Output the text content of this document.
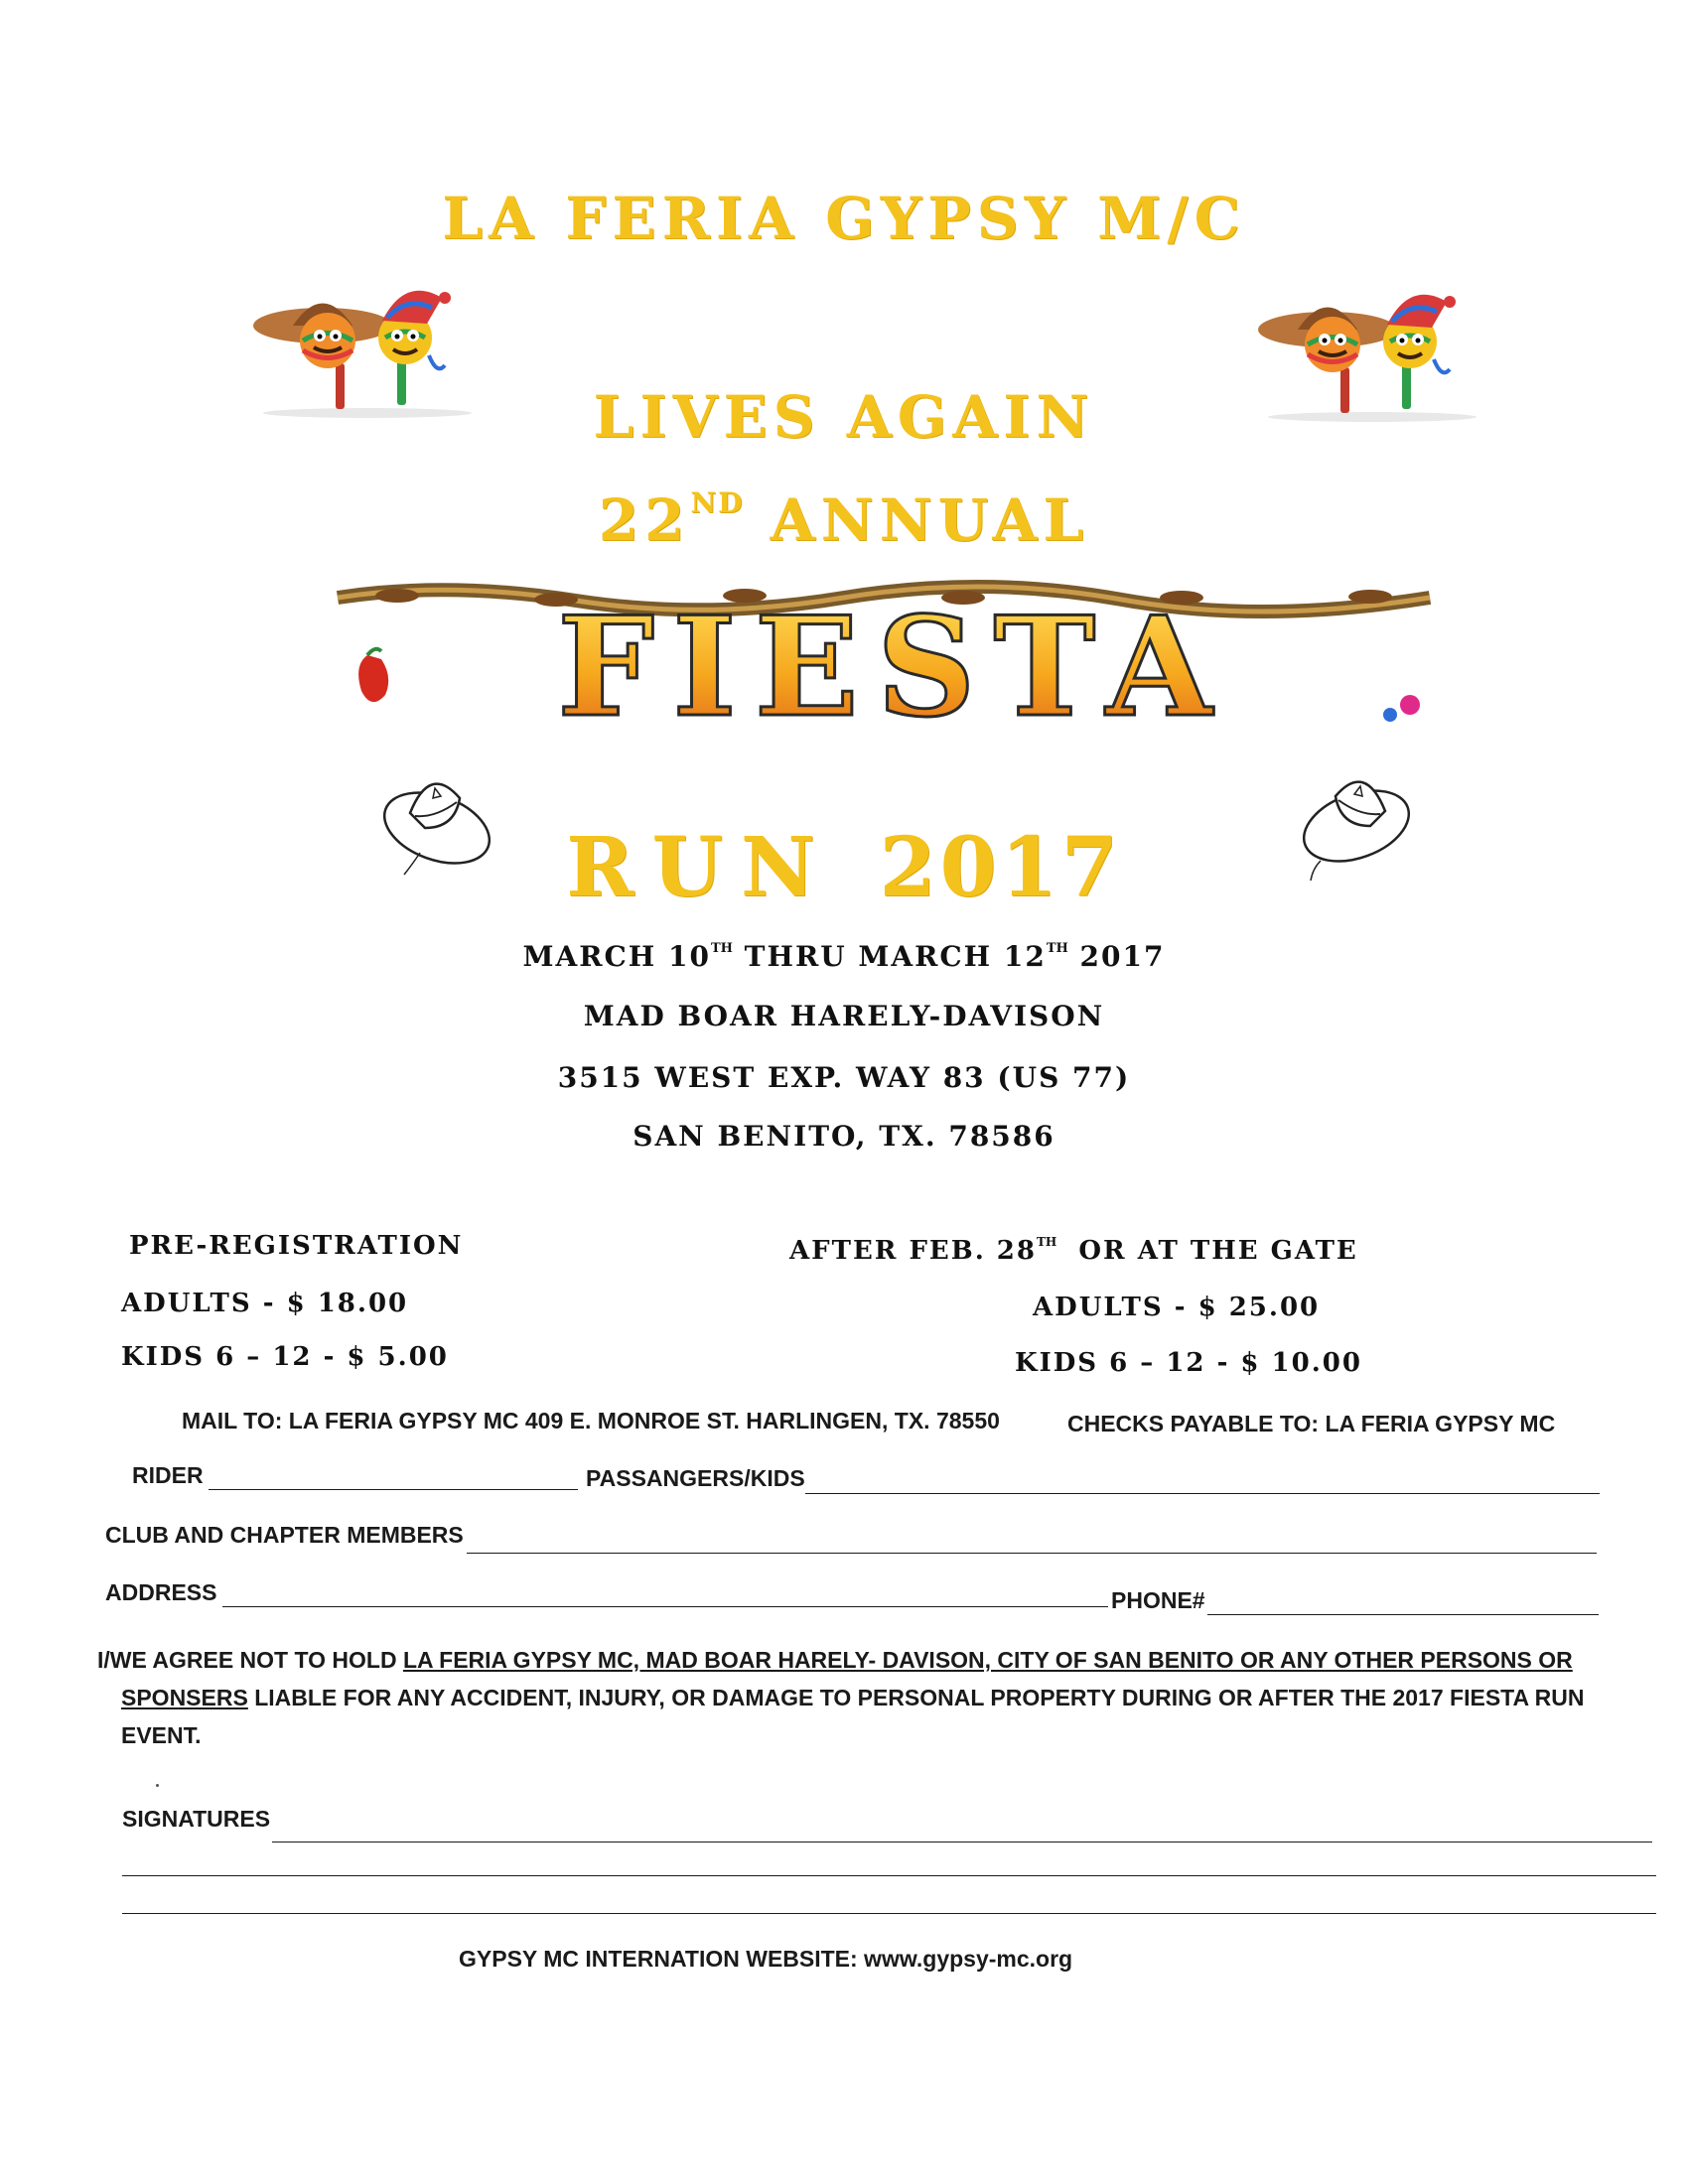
LA FERIA GYPSY M/C
LIVES AGAIN
22ND ANNUAL
FIESTA
RUN 2017
MARCH 10TH THRU MARCH 12TH 2017
MAD BOAR HARELY-DAVISON
3515 WEST EXP. WAY 83 (US 77)
SAN BENITO, TX. 78586
PRE-REGISTRATION
ADULTS - $ 18.00
KIDS 6 – 12 - $ 5.00
AFTER FEB. 28TH  OR AT THE GATE
ADULTS - $ 25.00
KIDS 6 – 12 - $ 10.00
MAIL TO: LA FERIA GYPSY MC 409 E. MONROE ST. HARLINGEN, TX. 78550	CHECKS PAYABLE TO: LA FERIA GYPSY MC
RIDER	PASSANGERS/KIDS
CLUB AND CHAPTER MEMBERS
ADDRESS	PHONE#
I/WE AGREE NOT TO HOLD LA FERIA GYPSY MC, MAD BOAR HARELY- DAVISON, CITY OF SAN BENITO OR ANY OTHER PERSONS OR
SPONSERS LIABLE FOR ANY ACCIDENT, INJURY, OR DAMAGE TO PERSONAL PROPERTY DURING OR AFTER THE 2017 FIESTA RUN
EVENT.
SIGNATURES
GYPSY MC INTERNATION WEBSITE: www.gypsy-mc.org
